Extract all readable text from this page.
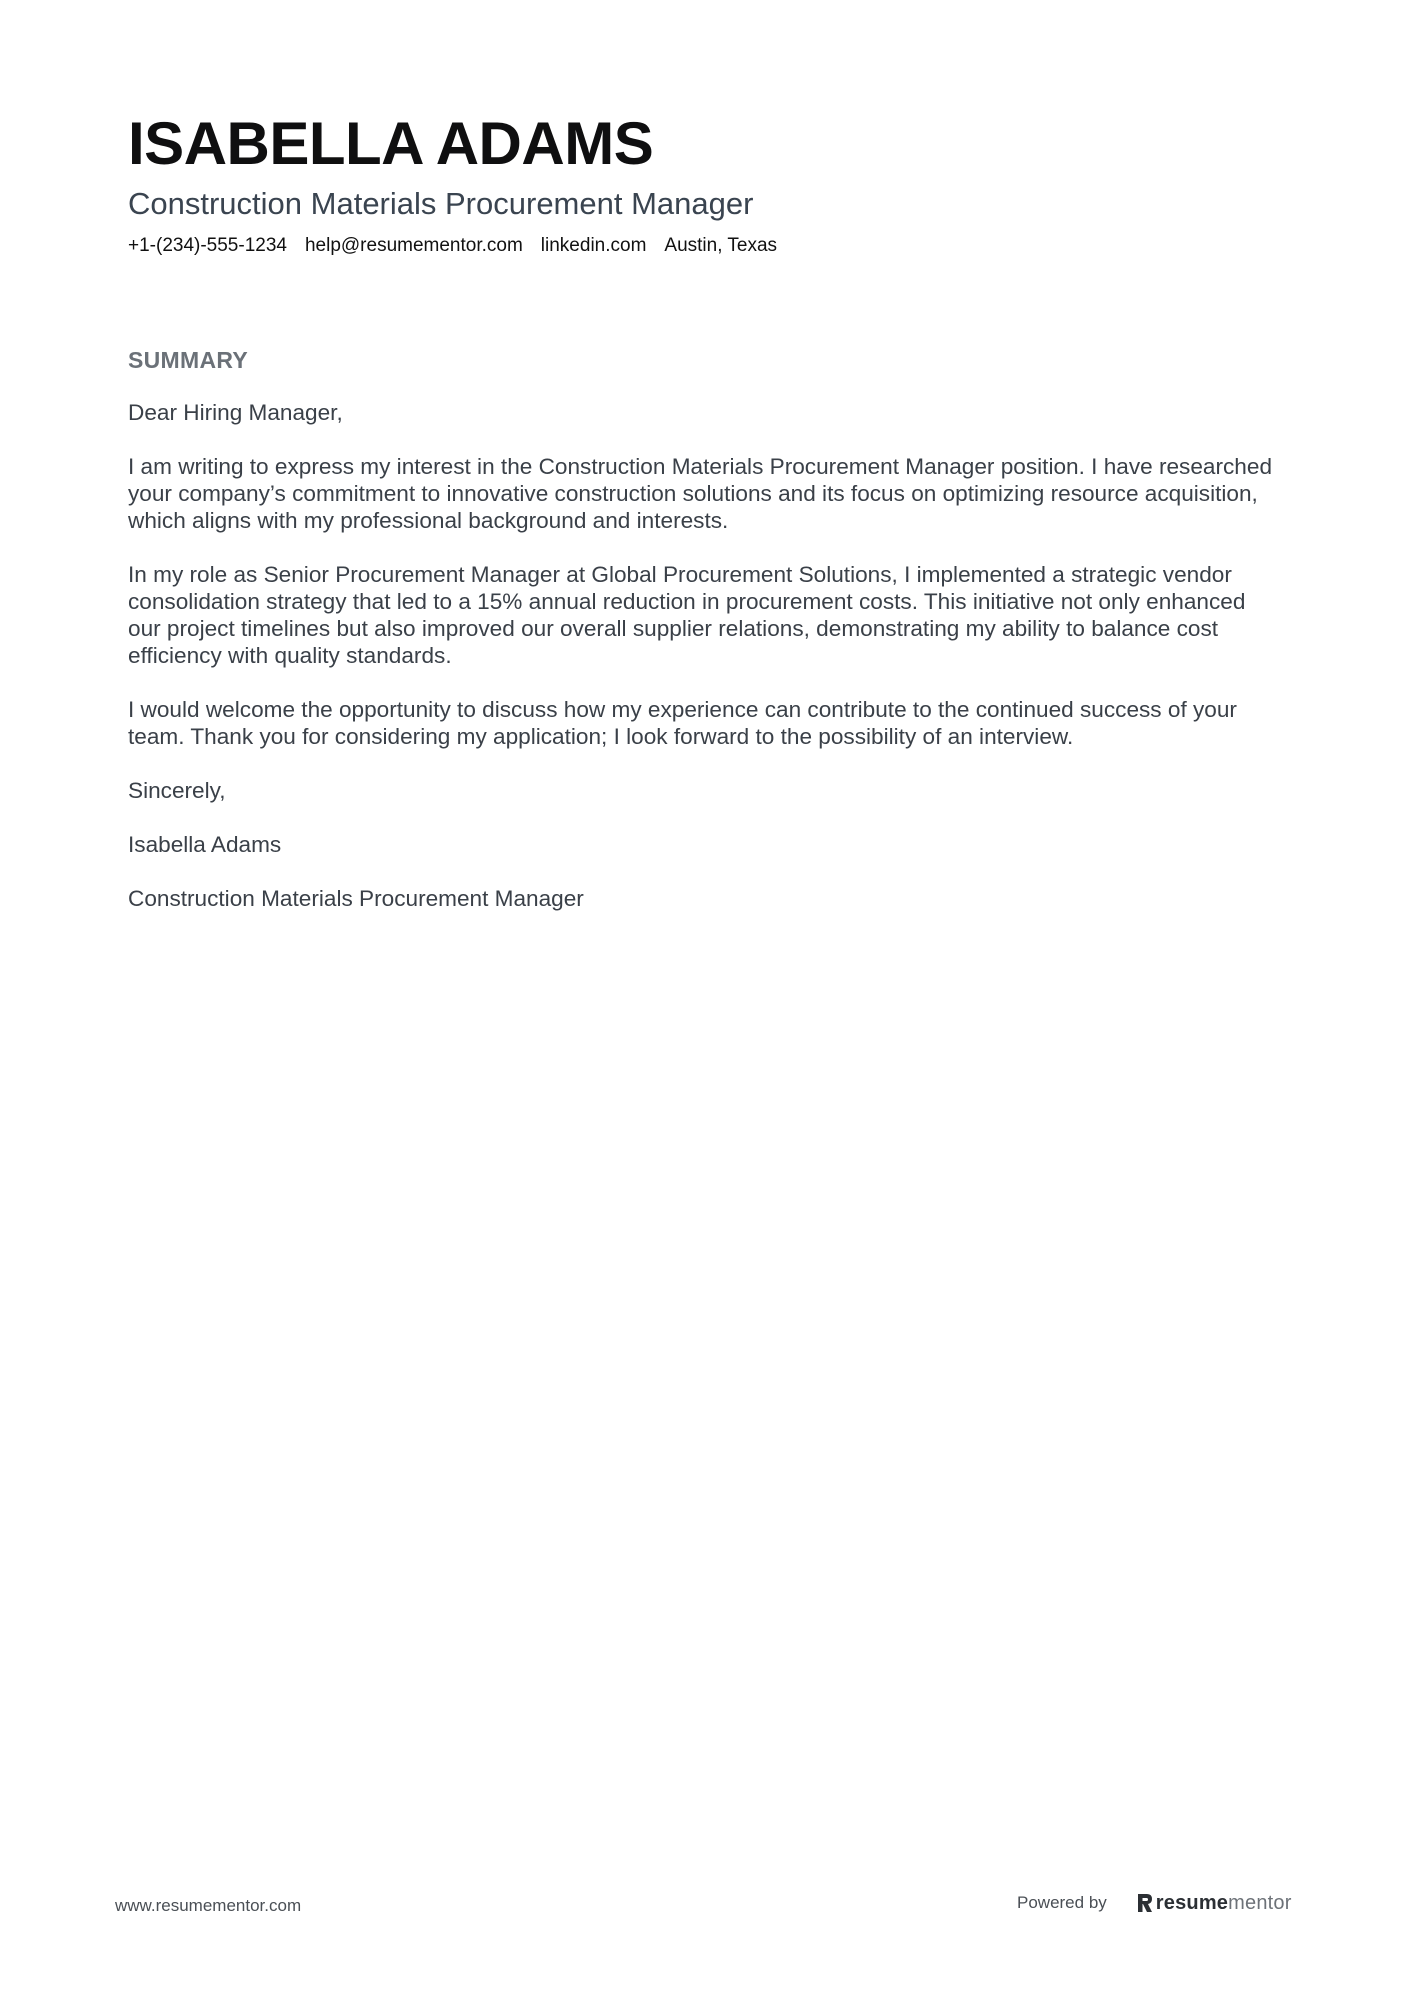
ISABELLA ADAMS
Construction Materials Procurement Manager
+1-(234)-555-1234 help@resumementor.com linkedin.com Austin, Texas
SUMMARY

Dear Hiring Manager,

I am writing to express my interest in the Construction Materials Procurement Manager position. I have researched your company’s commitment to innovative construction solutions and its focus on optimizing resource acquisition, which aligns with my professional background and interests.

In my role as Senior Procurement Manager at Global Procurement Solutions, I implemented a strategic vendor consolidation strategy that led to a 15% annual reduction in procurement costs. This initiative not only enhanced our project timelines but also improved our overall supplier relations, demonstrating my ability to balance cost efficiency with quality standards.

I would welcome the opportunity to discuss how my experience can contribute to the continued success of your team. Thank you for considering my application; I look forward to the possibility of an interview.

Sincerely,

Isabella Adams

Construction Materials Procurement Manager

www.resumementor.com	Powered by resumementor
